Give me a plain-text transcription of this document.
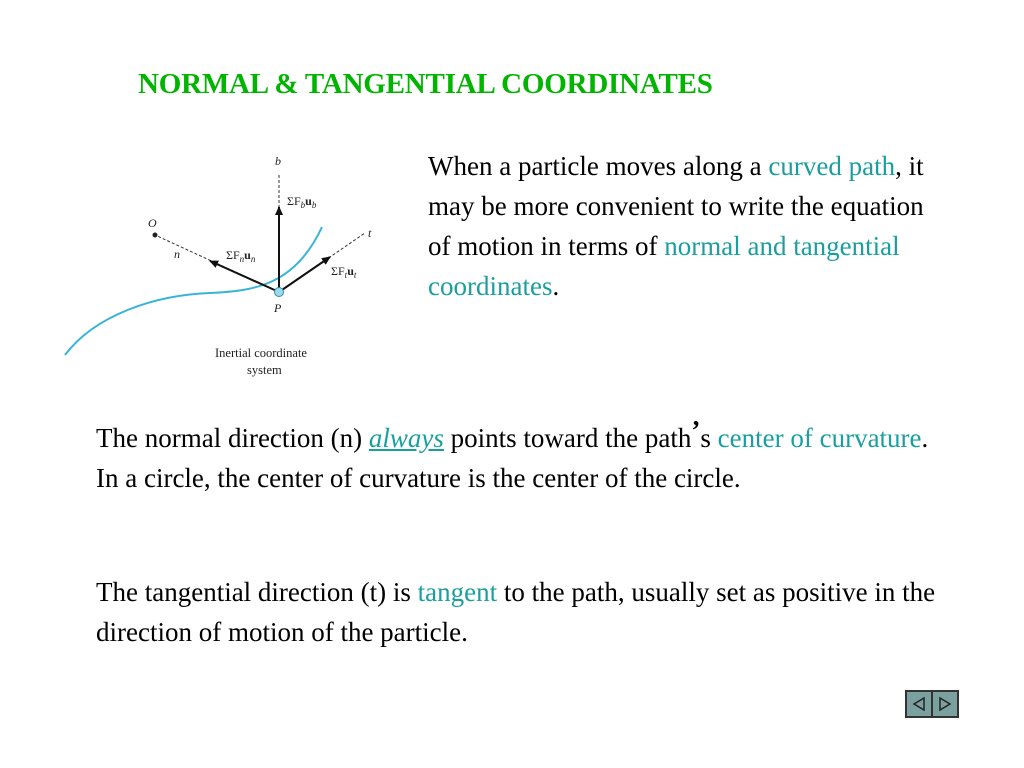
NORMAL & TANGENTIAL COORDINATES
b
t
n
O
P
$\Sigma F_bu_b$
$\Sigma F_nu_n$
$\Sigma F_tu_t$
Inertial coordinate
system
When a particle moves along a curved path, it may be more convenient to write the equation of motion in terms of normal and tangential coordinates.
The normal direction (n) always points toward the path’s center of curvature. In a circle, the center of curvature is the center of the circle.
The tangential direction (t) is tangent to the path, usually set as positive in the direction of motion of the particle.
